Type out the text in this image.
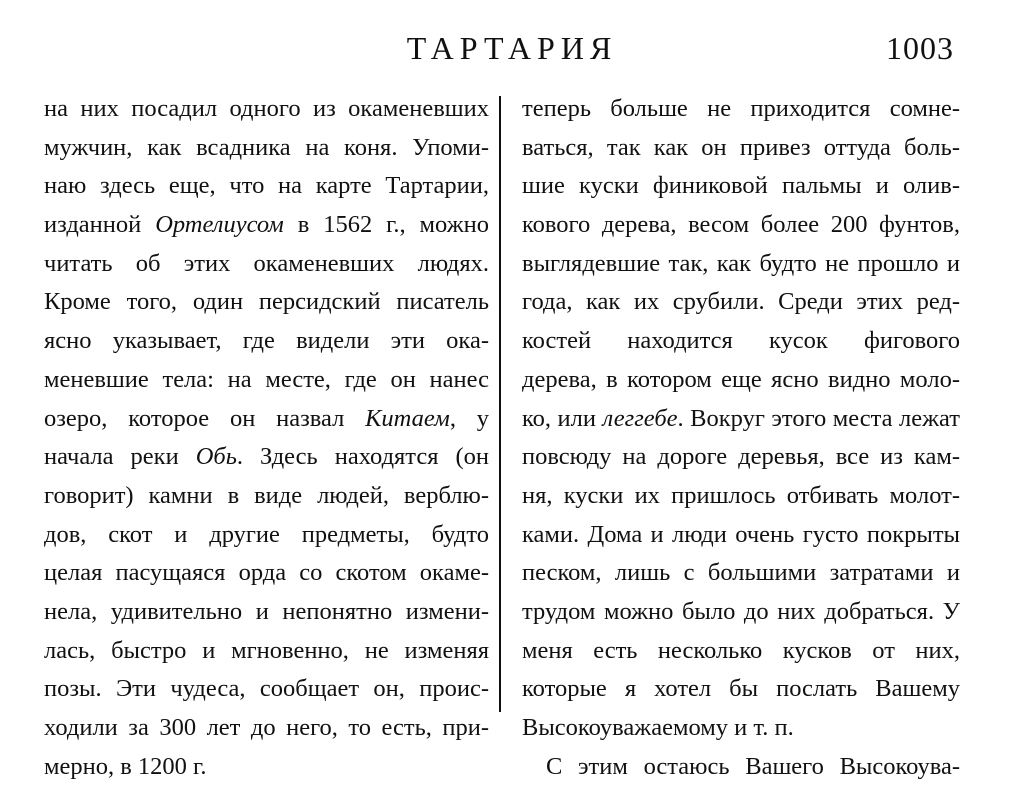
ТАРТАРИЯ	1003
на них посадил одного из окаменевших
мужчин, как всадника на коня. Упоми-
наю здесь еще, что на карте Тартарии,
изданной Ортелиусом в 1562 г., можно
читать об этих окаменевших людях.
Кроме того, один персидский писатель
ясно указывает, где видели эти ока-
меневшие тела: на месте, где он нанес
озеро, которое он назвал Китаем, у
начала реки Обь. Здесь находятся (он
говорит) камни в виде людей, верблю-
дов, скот и другие предметы, будто
целая пасущаяся орда со скотом окаме-
нела, удивительно и непонятно измени-
лась, быстро и мгновенно, не изменяя
позы. Эти чудеса, сообщает он, проис-
ходили за 300 лет до него, то есть, при-
мерно, в 1200 г.
теперь больше не приходится сомне-
ваться, так как он привез оттуда боль-
шие куски финиковой пальмы и олив-
кового дерева, весом более 200 фунтов,
выглядевшие так, как будто не прошло и
года, как их срубили. Среди этих ред-
костей находится кусок фигового
дерева, в котором еще ясно видно моло-
ко, или леггебе. Вокруг этого места лежат
повсюду на дороге деревья, все из кам-
ня, куски их пришлось отбивать молот-
ками. Дома и люди очень густо покрыты
песком, лишь с большими затратами и
трудом можно было до них добраться. У
меня есть несколько кусков от них,
которые я хотел бы послать Вашему
Высокоуважаемому и т. п.
С этим остаюсь Вашего Высокоува-
